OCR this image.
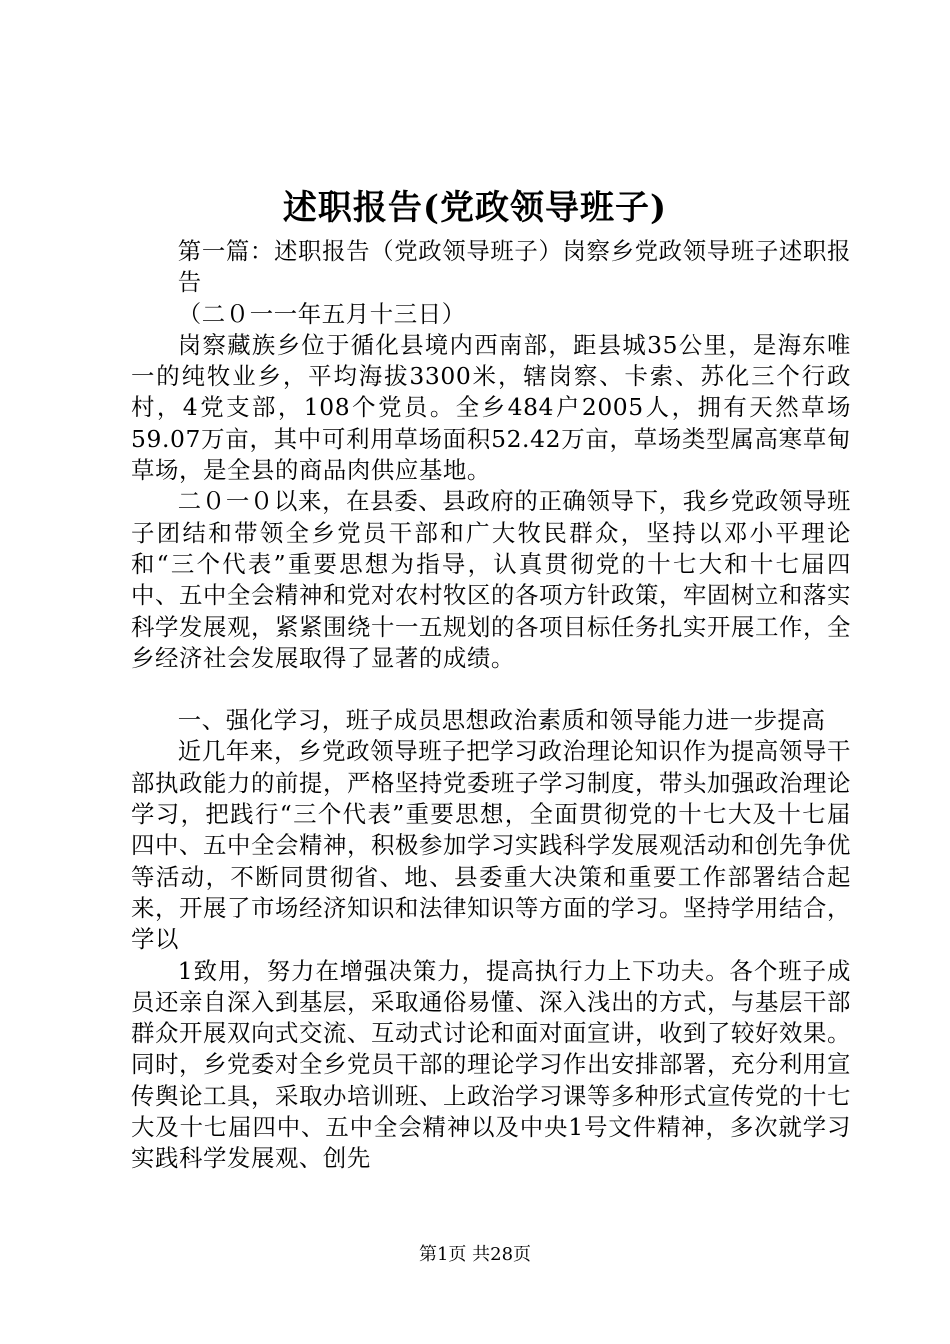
述职报告(党政领导班子)

第一篇：述职报告（党政领导班子）岗察乡党政领导班子述职报告

（二０一一年五月十三日）

岗察藏族乡位于循化县境内西南部，距县城35公里，是海东唯一的纯牧业乡，平均海拔3300米，辖岗察、卡索、苏化三个行政村，4党支部，108个党员。全乡484户2005人，拥有天然草场59.07万亩，其中可利用草场面积52.42万亩，草场类型属高寒草甸草场，是全县的商品肉供应基地。

二０一０以来，在县委、县政府的正确领导下，我乡党政领导班子团结和带领全乡党员干部和广大牧民群众，坚持以邓小平理论和“三个代表”重要思想为指导，认真贯彻党的十七大和十七届四中、五中全会精神和党对农村牧区的各项方针政策，牢固树立和落实科学发展观，紧紧围绕十一五规划的各项目标任务扎实开展工作，全乡经济社会发展取得了显著的成绩。

一、强化学习，班子成员思想政治素质和领导能力进一步提高

近几年来，乡党政领导班子把学习政治理论知识作为提高领导干部执政能力的前提，严格坚持党委班子学习制度，带头加强政治理论学习，把践行“三个代表”重要思想，全面贯彻党的十七大及十七届四中、五中全会精神，积极参加学习实践科学发展观活动和创先争优等活动，不断同贯彻省、地、县委重大决策和重要工作部署结合起来，开展了市场经济知识和法律知识等方面的学习。坚持学用结合，学以

1致用，努力在增强决策力，提高执行力上下功夫。各个班子成员还亲自深入到基层，采取通俗易懂、深入浅出的方式，与基层干部群众开展双向式交流、互动式讨论和面对面宣讲，收到了较好效果。同时，乡党委对全乡党员干部的理论学习作出安排部署，充分利用宣传舆论工具，采取办培训班、上政治学习课等多种形式宣传党的十七大及十七届四中、五中全会精神以及中央1号文件精神，多次就学习实践科学发展观、创先

第1页 共28页
